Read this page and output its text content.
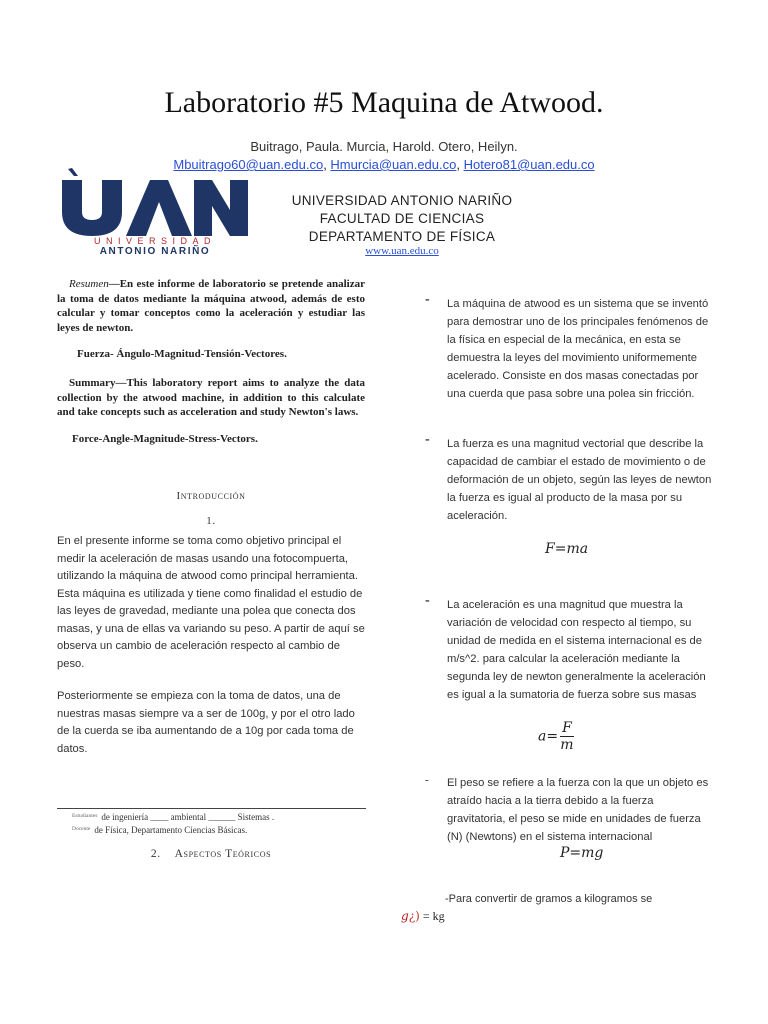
Laboratorio #5 Maquina de Atwood.
Buitrago, Paula. Murcia, Harold. Otero, Heilyn.
Mbuitrago60@uan.edu.co, Hmurcia@uan.edu.co, Hotero81@uan.edu.co
UNIVERSIDAD
ANTONIO NARIÑO
UNIVERSIDAD ANTONIO NARIÑO
FACULTAD DE CIENCIAS
DEPARTAMENTO DE FÍSICA
www.uan.edu.co
Resumen—En este informe de laboratorio se pretende analizar la toma de datos mediante la máquina atwood, además de esto calcular y tomar conceptos como la aceleración y estudiar las leyes de newton.
Fuerza- Ángulo-Magnitud-Tensión-Vectores.
Summary—This laboratory report aims to analyze the data collection by the atwood machine, in addition to this calculate and take concepts such as acceleration and study Newton's laws.
Force-Angle-Magnitude-Stress-Vectors.
Introducción
1.
En el presente informe se toma como objetivo principal el medir la aceleración de masas usando una fotocompuerta, utilizando la máquina de atwood como principal herramienta. Esta máquina es utilizada y tiene como finalidad el estudio de las leyes de gravedad, mediante una polea que conecta dos masas, y una de ellas va variando su peso. A partir de aquí se observa un cambio de aceleración respecto al cambio de peso.
Posteriormente se empieza con la toma de datos, una de nuestras masas siempre va a ser de 100g, y por el otro lado de la cuerda se iba aumentando de a 10g por cada toma de datos.
$^{Estudiantes}$ de ingeniería ____ ambiental ______ Sistemas .
$^{Docente}$ de Física, Departamento Ciencias Básicas.
2. Aspectos Teóricos
- La máquina de atwood es un sistema que se inventó para demostrar uno de los principales fenómenos de la física en especial de la mecánica, en esta se demuestra la leyes del movimiento uniformemente acelerado. Consiste en dos masas conectadas por una cuerda que pasa sobre una polea sin fricción.
- La fuerza es una magnitud vectorial que describe la capacidad de cambiar el estado de movimiento o de deformación de un objeto, según las leyes de newton la fuerza es igual al producto de la masa por su aceleración.
F=ma
- La aceleración es una magnitud que muestra la variación de velocidad con respecto al tiempo, su unidad de medida en el sistema internacional es de m/s^2. para calcular la aceleración mediante la segunda ley de newton generalmente la aceleración es igual a la sumatoria de fuerza sobre sus masas
$a= \frac{F}{m}$
- El peso se refiere a la fuerza con la que un objeto es atraído hacia a la tierra debido a la fuerza gravitatoria, el peso se mide en unidades de fuerza (N) (Newtons) en el sistema internacional
P=mg
-Para convertir de gramos a kilogramos se
g¿) = kg
